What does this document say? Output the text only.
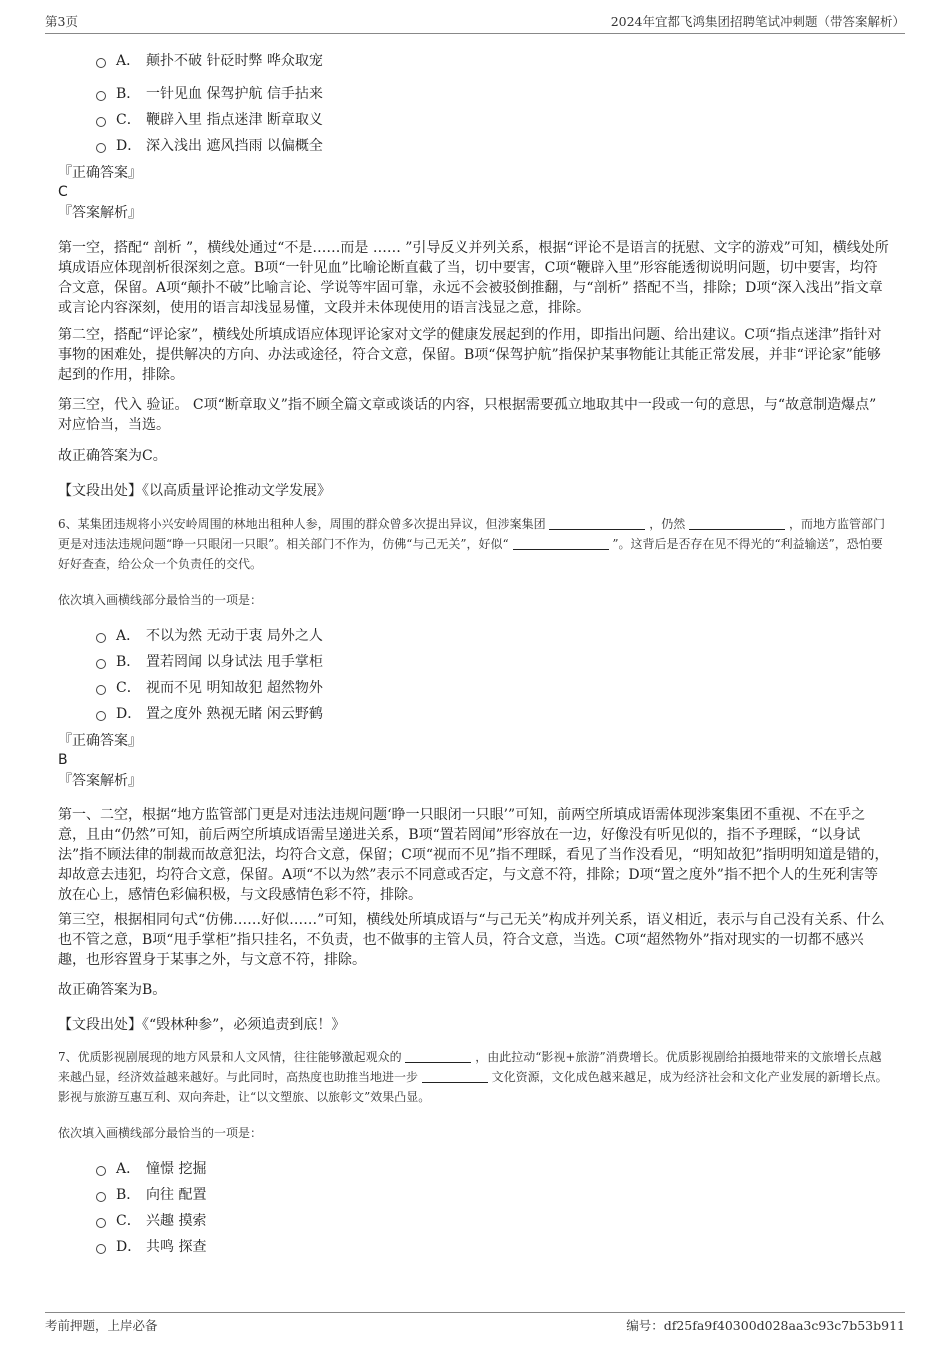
第3页	2024年宜都飞鸿集团招聘笔试冲刺题（带答案解析）
A． 颠扑不破 针砭时弊 哗众取宠
B． 一针见血 保驾护航 信手拈来
C． 鞭辟入里 指点迷津 断章取义
D． 深入浅出 遮风挡雨 以偏概全
『正确答案』
C
『答案解析』
第一空，搭配“ 剖析 ”，横线处通过“不是……而是 …… ”引导反义并列关系，根据“评论不是语言的抚慰、文字的游戏”可知，横线处所填成语应体现剖析很深刻之意。B项“一针见血”比喻论断直截了当，切中要害，C项“鞭辟入里”形容能透彻说明问题，切中要害，均符合文意，保留。A项“颠扑不破”比喻言论、学说等牢固可靠，永远不会被驳倒推翻，与“剖析” 搭配不当，排除；D项“深入浅出”指文章或言论内容深刻，使用的语言却浅显易懂，文段并未体现使用的语言浅显之意，排除。
第二空，搭配“评论家”，横线处所填成语应体现评论家对文学的健康发展起到的作用，即指出问题、给出建议。C项“指点迷津”指针对事物的困难处，提供解决的方向、办法或途径，符合文意，保留。B项“保驾护航”指保护某事物能让其能正常发展，并非“评论家”能够起到的作用，排除。
第三空，代入 验证。 C项“断章取义”指不顾全篇文章或谈话的内容，只根据需要孤立地取其中一段或一句的意思，与“故意制造爆点” 对应恰当，当选。
故正确答案为C。
【文段出处】《以高质量评论推动文学发展》
6、某集团违规将小兴安岭周围的林地出租种人参，周围的群众曾多次提出异议，但涉案集团	，仍然	，而地方监管部门更是对违法违规问题“睁一只眼闭一只眼”。相关部门不作为，仿佛“与己无关”，好似“	”。这背后是否存在见不得光的“利益输送”，恐怕要好好查查，给公众一个负责任的交代。
依次填入画横线部分最恰当的一项是：
A． 不以为然 无动于衷 局外之人
B． 置若罔闻 以身试法 甩手掌柜
C． 视而不见 明知故犯 超然物外
D． 置之度外 熟视无睹 闲云野鹤
『正确答案』
B
『答案解析』
第一、二空，根据“地方监管部门更是对违法违规问题‘睁一只眼闭一只眼’”可知，前两空所填成语需体现涉案集团不重视、不在乎之意，且由“仍然”可知，前后两空所填成语需呈递进关系，B项“置若罔闻”形容放在一边，好像没有听见似的，指不予理睬，“以身试法”指不顾法律的制裁而故意犯法，均符合文意，保留；C项“视而不见”指不理睬，看见了当作没看见，“明知故犯”指明明知道是错的，却故意去违犯，均符合文意，保留。A项“不以为然”表示不同意或否定，与文意不符，排除；D项“置之度外”指不把个人的生死利害等放在心上，感情色彩偏积极，与文段感情色彩不符，排除。
第三空，根据相同句式“仿佛……好似……”可知，横线处所填成语与“与己无关”构成并列关系，语义相近，表示与自己没有关系、什么也不管之意，B项“甩手掌柜”指只挂名，不负责，也不做事的主管人员，符合文意，当选。C项“超然物外”指对现实的一切都不感兴趣，也形容置身于某事之外，与文意不符，排除。
故正确答案为B。
【文段出处】《“毁林种参”，必须追责到底！》
7、优质影视剧展现的地方风景和人文风情，往往能够激起观众的	，由此拉动“影视+旅游”消费增长。优质影视剧给拍摄地带来的文旅增长点越来越凸显，经济效益越来越好。与此同时，高热度也助推当地进一步	文化资源，文化成色越来越足，成为经济社会和文化产业发展的新增长点。影视与旅游互惠互利、双向奔赴，让“以文塑旅、以旅彰文”效果凸显。
依次填入画横线部分最恰当的一项是：
A． 憧憬 挖掘
B． 向往 配置
C． 兴趣 摸索
D． 共鸣 探查
考前押题，上岸必备	编号：df25fa9f40300d028aa3c93c7b53b911
